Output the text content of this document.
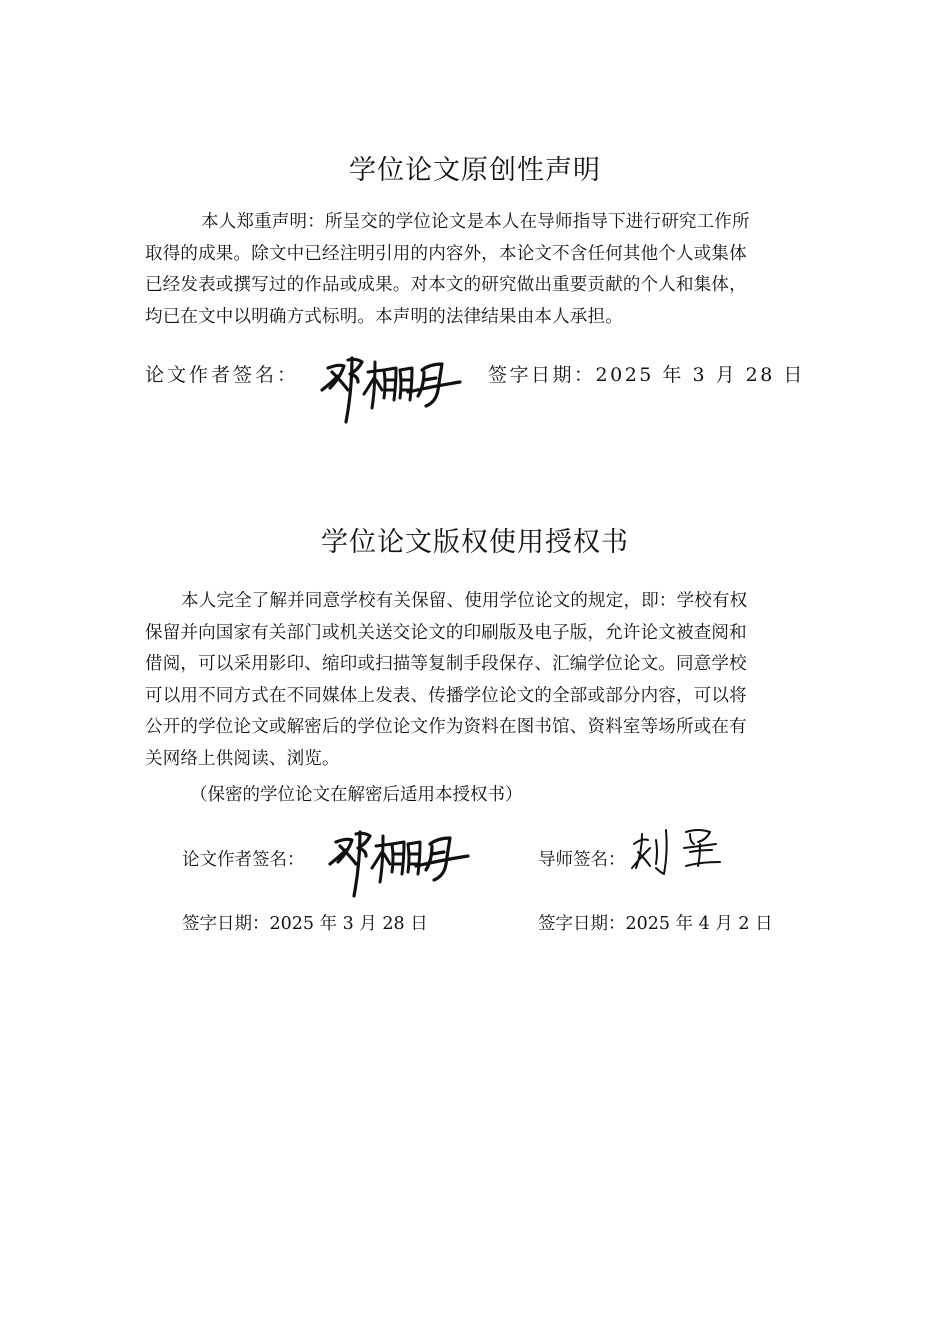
学位论文原创性声明
本人郑重声明：所呈交的学位论文是本人在导师指导下进行研究工作所
取得的成果。除文中已经注明引用的内容外，本论文不含任何其他个人或集体
已经发表或撰写过的作品或成果。对本文的研究做出重要贡献的个人和集体，
均已在文中以明确方式标明。本声明的法律结果由本人承担。
论文作者签名：	签字日期：2025 年 3 月 28 日
学位论文版权使用授权书
本人完全了解并同意学校有关保留、使用学位论文的规定，即：学校有权
保留并向国家有关部门或机关送交论文的印刷版及电子版，允许论文被查阅和
借阅，可以采用影印、缩印或扫描等复制手段保存、汇编学位论文。同意学校
可以用不同方式在不同媒体上发表、传播学位论文的全部或部分内容，可以将
公开的学位论文或解密后的学位论文作为资料在图书馆、资料室等场所或在有
关网络上供阅读、浏览。
（保密的学位论文在解密后适用本授权书）
论文作者签名：	导师签名：
签字日期：2025 年 3 月 28 日	签字日期：2025 年 4 月 2 日
